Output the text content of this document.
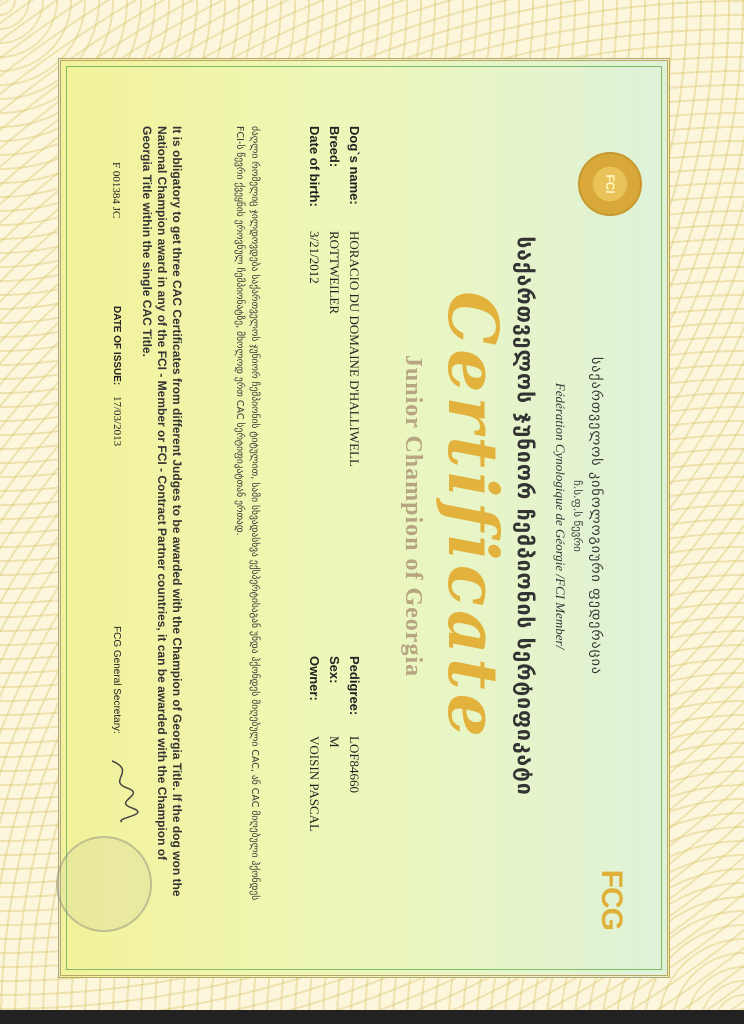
FCI
FCG
საქართველოს კინოლოგიური ფედერაცია
ჩ.ს.ფ.ს წევრი
Fédération Cynologique de Géorgie /FCI Member/
საქართველოს ჯუნიორ ჩემპიონის სერტიფიკატი
Certificate
Junior Champion of Georgia
Dog`s name:
HORACIO DU DOMAINE D'HALLIWELL
Breed:
ROTTWEILER
Date of birth:
3/21/2012
Pedigree:
LOF84660
Sex:
M
Owner:
VOISIN PASCAL
ძაღლი რომელიც ჯილდოვდება საქართველოს ჯუნიორ ჩემპიონის ტიტულით, სამი სხვადასხვა ექსპერტისაგან უნდა ჰქონდეს მიღებული CAC, ან CAC მიღებული ჰქონდეს FCI-ს წევრი ქვეყნის ეროვნულ ჩემპიონატზე, მხოლოდ ერთ CAC სერტიფიკატთან ერთად.
It is obligatory to get three CAC Certificates from different Judges to be awarded with the Champion of Georgia Title. If the dog won the National Champion award in any of the FCI - Member or FCI - Contract Partner countries, it can be awarded with the Champion of Georgia Title within the single CAC Title.
F 001384 JC
DATE OF ISSUE:
17/03/2013
FCG General Secretary:
